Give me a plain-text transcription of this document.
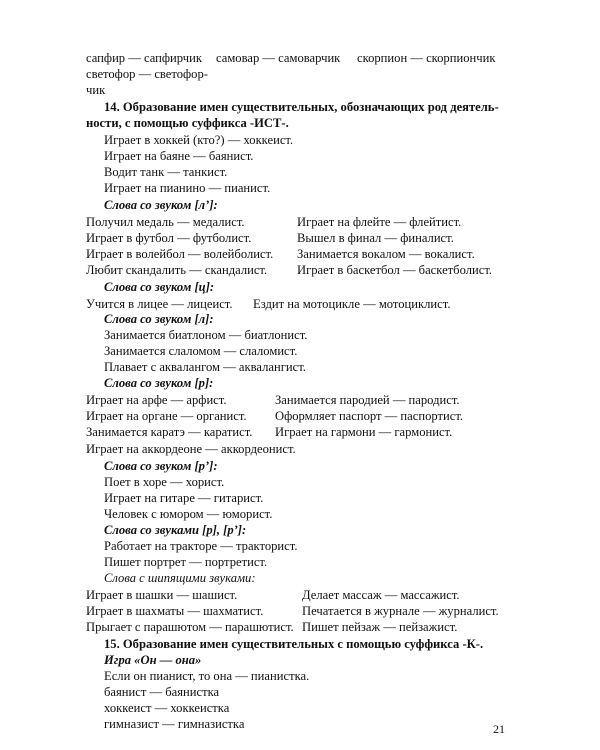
сапфир — сапфирчик самовар — самоварчик скорпион — скорпиончик
светофор — светофор-
чик
14. Образование имен существительных, обозначающих род деятель-
ности, с помощью суффикса -ИСТ-.
Играет в хоккей (кто?) — хоккеист.
Играет на баяне — баянист.
Водит танк — танкист.
Играет на пианино — пианист.
Слова со звуком [л’]:
Получил медаль — медалист.	Играет на флейте — флейтист.
Играет в футбол — футболист.	Вышел в финал — финалист.
Играет в волейбол — волейболист. Занимается вокалом — вокалист.
Любит скандалить — скандалист. Играет в баскетбол — баскетболист.
Слова со звуком [ц]:
Учится в лицее — лицеист. Ездит на мотоцикле — мотоциклист.
Слова со звуком [л]:
Занимается биатлоном — биатлонист.
Занимается слаломом — слаломист.
Плавает с аквалангом — аквалангист.
Слова со звуком [р]:
Играет на арфе — арфист.	Занимается пародией — пародист.
Играет на органе — органист. Оформляет паспорт — паспортист.
Занимается каратэ — каратист. Играет на гармони — гармонист.
Играет на аккордеоне — аккордеонист.
Слова со звуком [р’]:
Поет в хоре — хорист.
Играет на гитаре — гитарист.
Человек с юмором — юморист.
Слова со звуками [р], [р’]:
Работает на тракторе — тракторист.
Пишет портрет — портретист.
Слова с шипящими звуками:
Играет в шашки — шашист.	Делает массаж — массажист.
Играет в шахматы — шахматист.	Печатается в журнале — журналист.
Прыгает с парашютом — парашютист. Пишет пейзаж — пейзажист.
15. Образование имен существительных с помощью суффикса -К-.
Игра «Он — она»
Если он пианист, то она — пианистка.
баянист — баянистка
хоккеист — хоккеистка
гимназист — гимназистка	21
